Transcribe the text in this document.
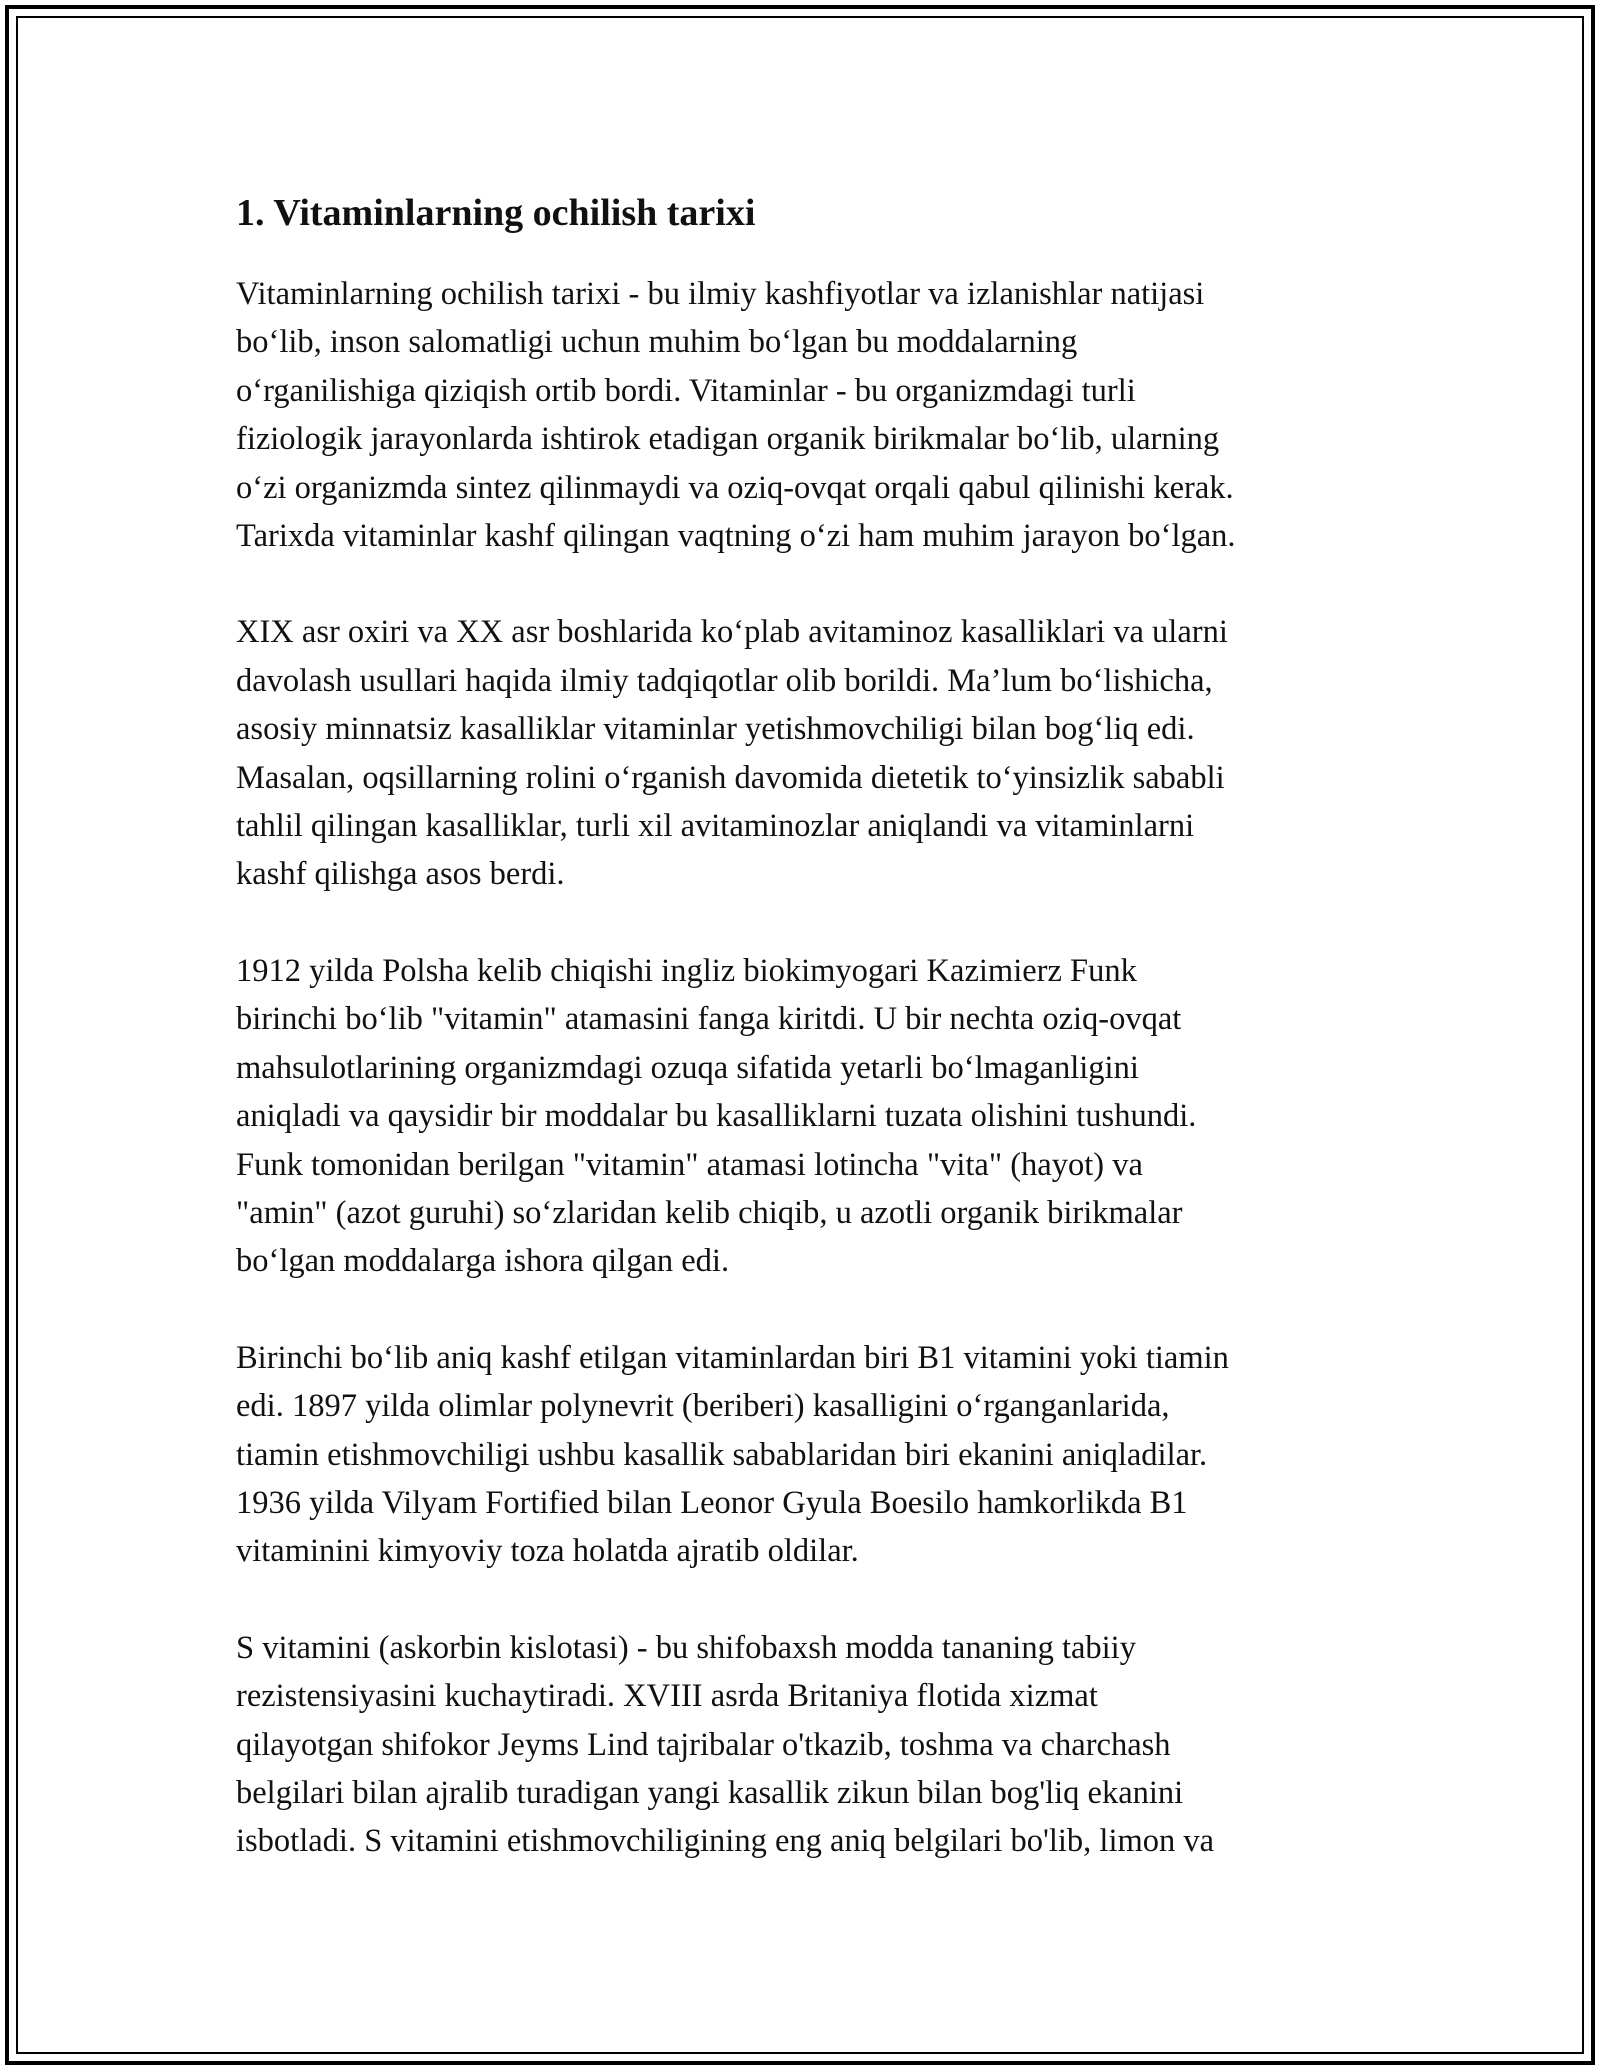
1. Vitaminlarning ochilish tarixi

Vitaminlarning ochilish tarixi - bu ilmiy kashfiyotlar va izlanishlar natijasi
bo‘lib, inson salomatligi uchun muhim bo‘lgan bu moddalarning
o‘rganilishiga qiziqish ortib bordi. Vitaminlar - bu organizmdagi turli
fiziologik jarayonlarda ishtirok etadigan organik birikmalar bo‘lib, ularning
o‘zi organizmda sintez qilinmaydi va oziq-ovqat orqali qabul qilinishi kerak.
Tarixda vitaminlar kashf qilingan vaqtning o‘zi ham muhim jarayon bo‘lgan.

XIX asr oxiri va XX asr boshlarida ko‘plab avitaminoz kasalliklari va ularni
davolash usullari haqida ilmiy tadqiqotlar olib borildi. Ma’lum bo‘lishicha,
asosiy minnatsiz kasalliklar vitaminlar yetishmovchiligi bilan bog‘liq edi.
Masalan, oqsillarning rolini o‘rganish davomida dietetik to‘yinsizlik sababli
tahlil qilingan kasalliklar, turli xil avitaminozlar aniqlandi va vitaminlarni
kashf qilishga asos berdi.

1912 yilda Polsha kelib chiqishi ingliz biokimyogari Kazimierz Funk
birinchi bo‘lib "vitamin" atamasini fanga kiritdi. U bir nechta oziq-ovqat
mahsulotlarining organizmdagi ozuqa sifatida yetarli bo‘lmaganligini
aniqladi va qaysidir bir moddalar bu kasalliklarni tuzata olishini tushundi.
Funk tomonidan berilgan "vitamin" atamasi lotincha "vita" (hayot) va
"amin" (azot guruhi) so‘zlaridan kelib chiqib, u azotli organik birikmalar
bo‘lgan moddalarga ishora qilgan edi.

Birinchi bo‘lib aniq kashf etilgan vitaminlardan biri B1 vitamini yoki tiamin
edi. 1897 yilda olimlar polynevrit (beriberi) kasalligini o‘rganganlarida,
tiamin etishmovchiligi ushbu kasallik sabablaridan biri ekanini aniqladilar.
1936 yilda Vilyam Fortified bilan Leonor Gyula Boesilo hamkorlikda B1
vitaminini kimyoviy toza holatda ajratib oldilar.

S vitamini (askorbin kislotasi) - bu shifobaxsh modda tananing tabiiy
rezistensiyasini kuchaytiradi. XVIII asrda Britaniya flotida xizmat
qilayotgan shifokor Jeyms Lind tajribalar o'tkazib, toshma va charchash
belgilari bilan ajralib turadigan yangi kasallik zikun bilan bog'liq ekanini
isbotladi. S vitamini etishmovchiligining eng aniq belgilari bo'lib, limon va
